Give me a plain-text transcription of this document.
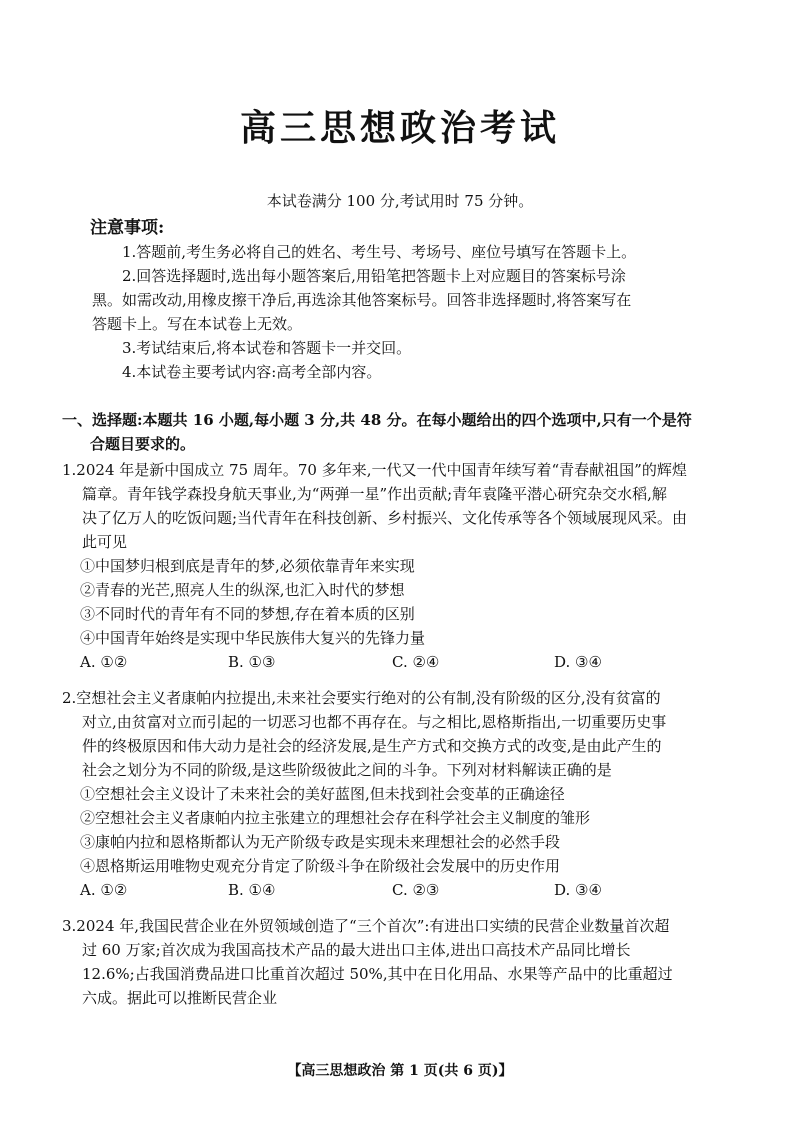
高三思想政治考试
本试卷满分 100 分,考试用时 75 分钟。
注意事项:
1.答题前,考生务必将自己的姓名、考生号、考场号、座位号填写在答题卡上。
2.回答选择题时,选出每小题答案后,用铅笔把答题卡上对应题目的答案标号涂
黑。如需改动,用橡皮擦干净后,再选涂其他答案标号。回答非选择题时,将答案写在
答题卡上。写在本试卷上无效。
3.考试结束后,将本试卷和答题卡一并交回。
4.本试卷主要考试内容:高考全部内容。
一、选择题:本题共 16 小题,每小题 3 分,共 48 分。在每小题给出的四个选项中,只有一个是符
合题目要求的。
1.2024 年是新中国成立 75 周年。70 多年来,一代又一代中国青年续写着“青春献祖国”的辉煌
篇章。青年钱学森投身航天事业,为“两弹一星”作出贡献;青年袁隆平潜心研究杂交水稻,解
决了亿万人的吃饭问题;当代青年在科技创新、乡村振兴、文化传承等各个领域展现风采。由
此可见
①中国梦归根到底是青年的梦,必须依靠青年来实现
②青春的光芒,照亮人生的纵深,也汇入时代的梦想
③不同时代的青年有不同的梦想,存在着本质的区别
④中国青年始终是实现中华民族伟大复兴的先锋力量
A. ①②	B. ①③	C. ②④	D. ③④
2.空想社会主义者康帕内拉提出,未来社会要实行绝对的公有制,没有阶级的区分,没有贫富的
对立,由贫富对立而引起的一切恶习也都不再存在。与之相比,恩格斯指出,一切重要历史事
件的终极原因和伟大动力是社会的经济发展,是生产方式和交换方式的改变,是由此产生的
社会之划分为不同的阶级,是这些阶级彼此之间的斗争。下列对材料解读正确的是
①空想社会主义设计了未来社会的美好蓝图,但未找到社会变革的正确途径
②空想社会主义者康帕内拉主张建立的理想社会存在科学社会主义制度的雏形
③康帕内拉和恩格斯都认为无产阶级专政是实现未来理想社会的必然手段
④恩格斯运用唯物史观充分肯定了阶级斗争在阶级社会发展中的历史作用
A. ①②	B. ①④	C. ②③	D. ③④
3.2024 年,我国民营企业在外贸领域创造了“三个首次”:有进出口实绩的民营企业数量首次超
过 60 万家;首次成为我国高技术产品的最大进出口主体,进出口高技术产品同比增长
12.6%;占我国消费品进口比重首次超过 50%,其中在日化用品、水果等产品中的比重超过
六成。据此可以推断民营企业
【高三思想政治 第 1 页(共 6 页)】
